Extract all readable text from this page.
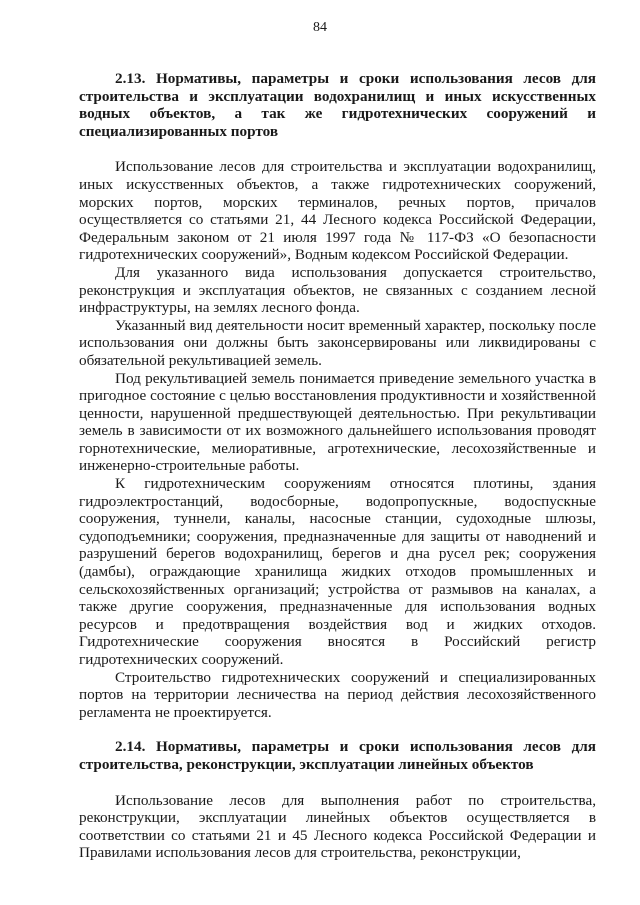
84

2.13. Нормативы, параметры и сроки использования лесов для строительства и эксплуатации водохранилищ и иных искусственных водных объектов, а так же гидротехнических сооружений и специализированных портов

Использование лесов для строительства и эксплуатации водохранилищ, иных искусственных объектов, а также гидротехнических сооружений, морских портов, морских терминалов, речных портов, причалов осуществляется со статьями 21, 44 Лесного кодекса Российской Федерации, Федеральным законом от 21 июля 1997 года № 117-ФЗ «О безопасности гидротехнических сооружений», Водным кодексом Российской Федерации.

Для указанного вида использования допускается строительство, реконструкция и эксплуатация объектов, не связанных с созданием лесной инфраструктуры, на землях лесного фонда.

Указанный вид деятельности носит временный характер, поскольку после использования они должны быть законсервированы или ликвидированы с обязательной рекультивацией земель.

Под рекультивацией земель понимается приведение земельного участка в пригодное состояние с целью восстановления продуктивности и хозяйственной ценности, нарушенной предшествующей деятельностью. При рекультивации земель в зависимости от их возможного дальнейшего использования проводят горнотехнические, мелиоративные, агротехнические, лесохозяйственные и инженерно-строительные работы.

К гидротехническим сооружениям относятся плотины, здания гидроэлектростанций, водосборные, водопропускные, водоспускные сооружения, туннели, каналы, насосные станции, судоходные шлюзы, судоподъемники; сооружения, предназначенные для защиты от наводнений и разрушений берегов водохранилищ, берегов и дна русел рек; сооружения (дамбы), ограждающие хранилища жидких отходов промышленных и сельскохозяйственных организаций; устройства от размывов на каналах, а также другие сооружения, предназначенные для использования водных ресурсов и предотвращения воздействия вод и жидких отходов. Гидротехнические сооружения вносятся в Российский регистр гидротехнических сооружений.

Строительство гидротехнических сооружений и специализированных портов на территории лесничества на период действия лесохозяйственного регламента не проектируется.

2.14. Нормативы, параметры и сроки использования лесов для строительства, реконструкции, эксплуатации линейных объектов

Использование лесов для выполнения работ по строительства, реконструкции, эксплуатации линейных объектов осуществляется в соответствии со статьями 21 и 45 Лесного кодекса Российской Федерации и Правилами использования лесов для строительства, реконструкции,
